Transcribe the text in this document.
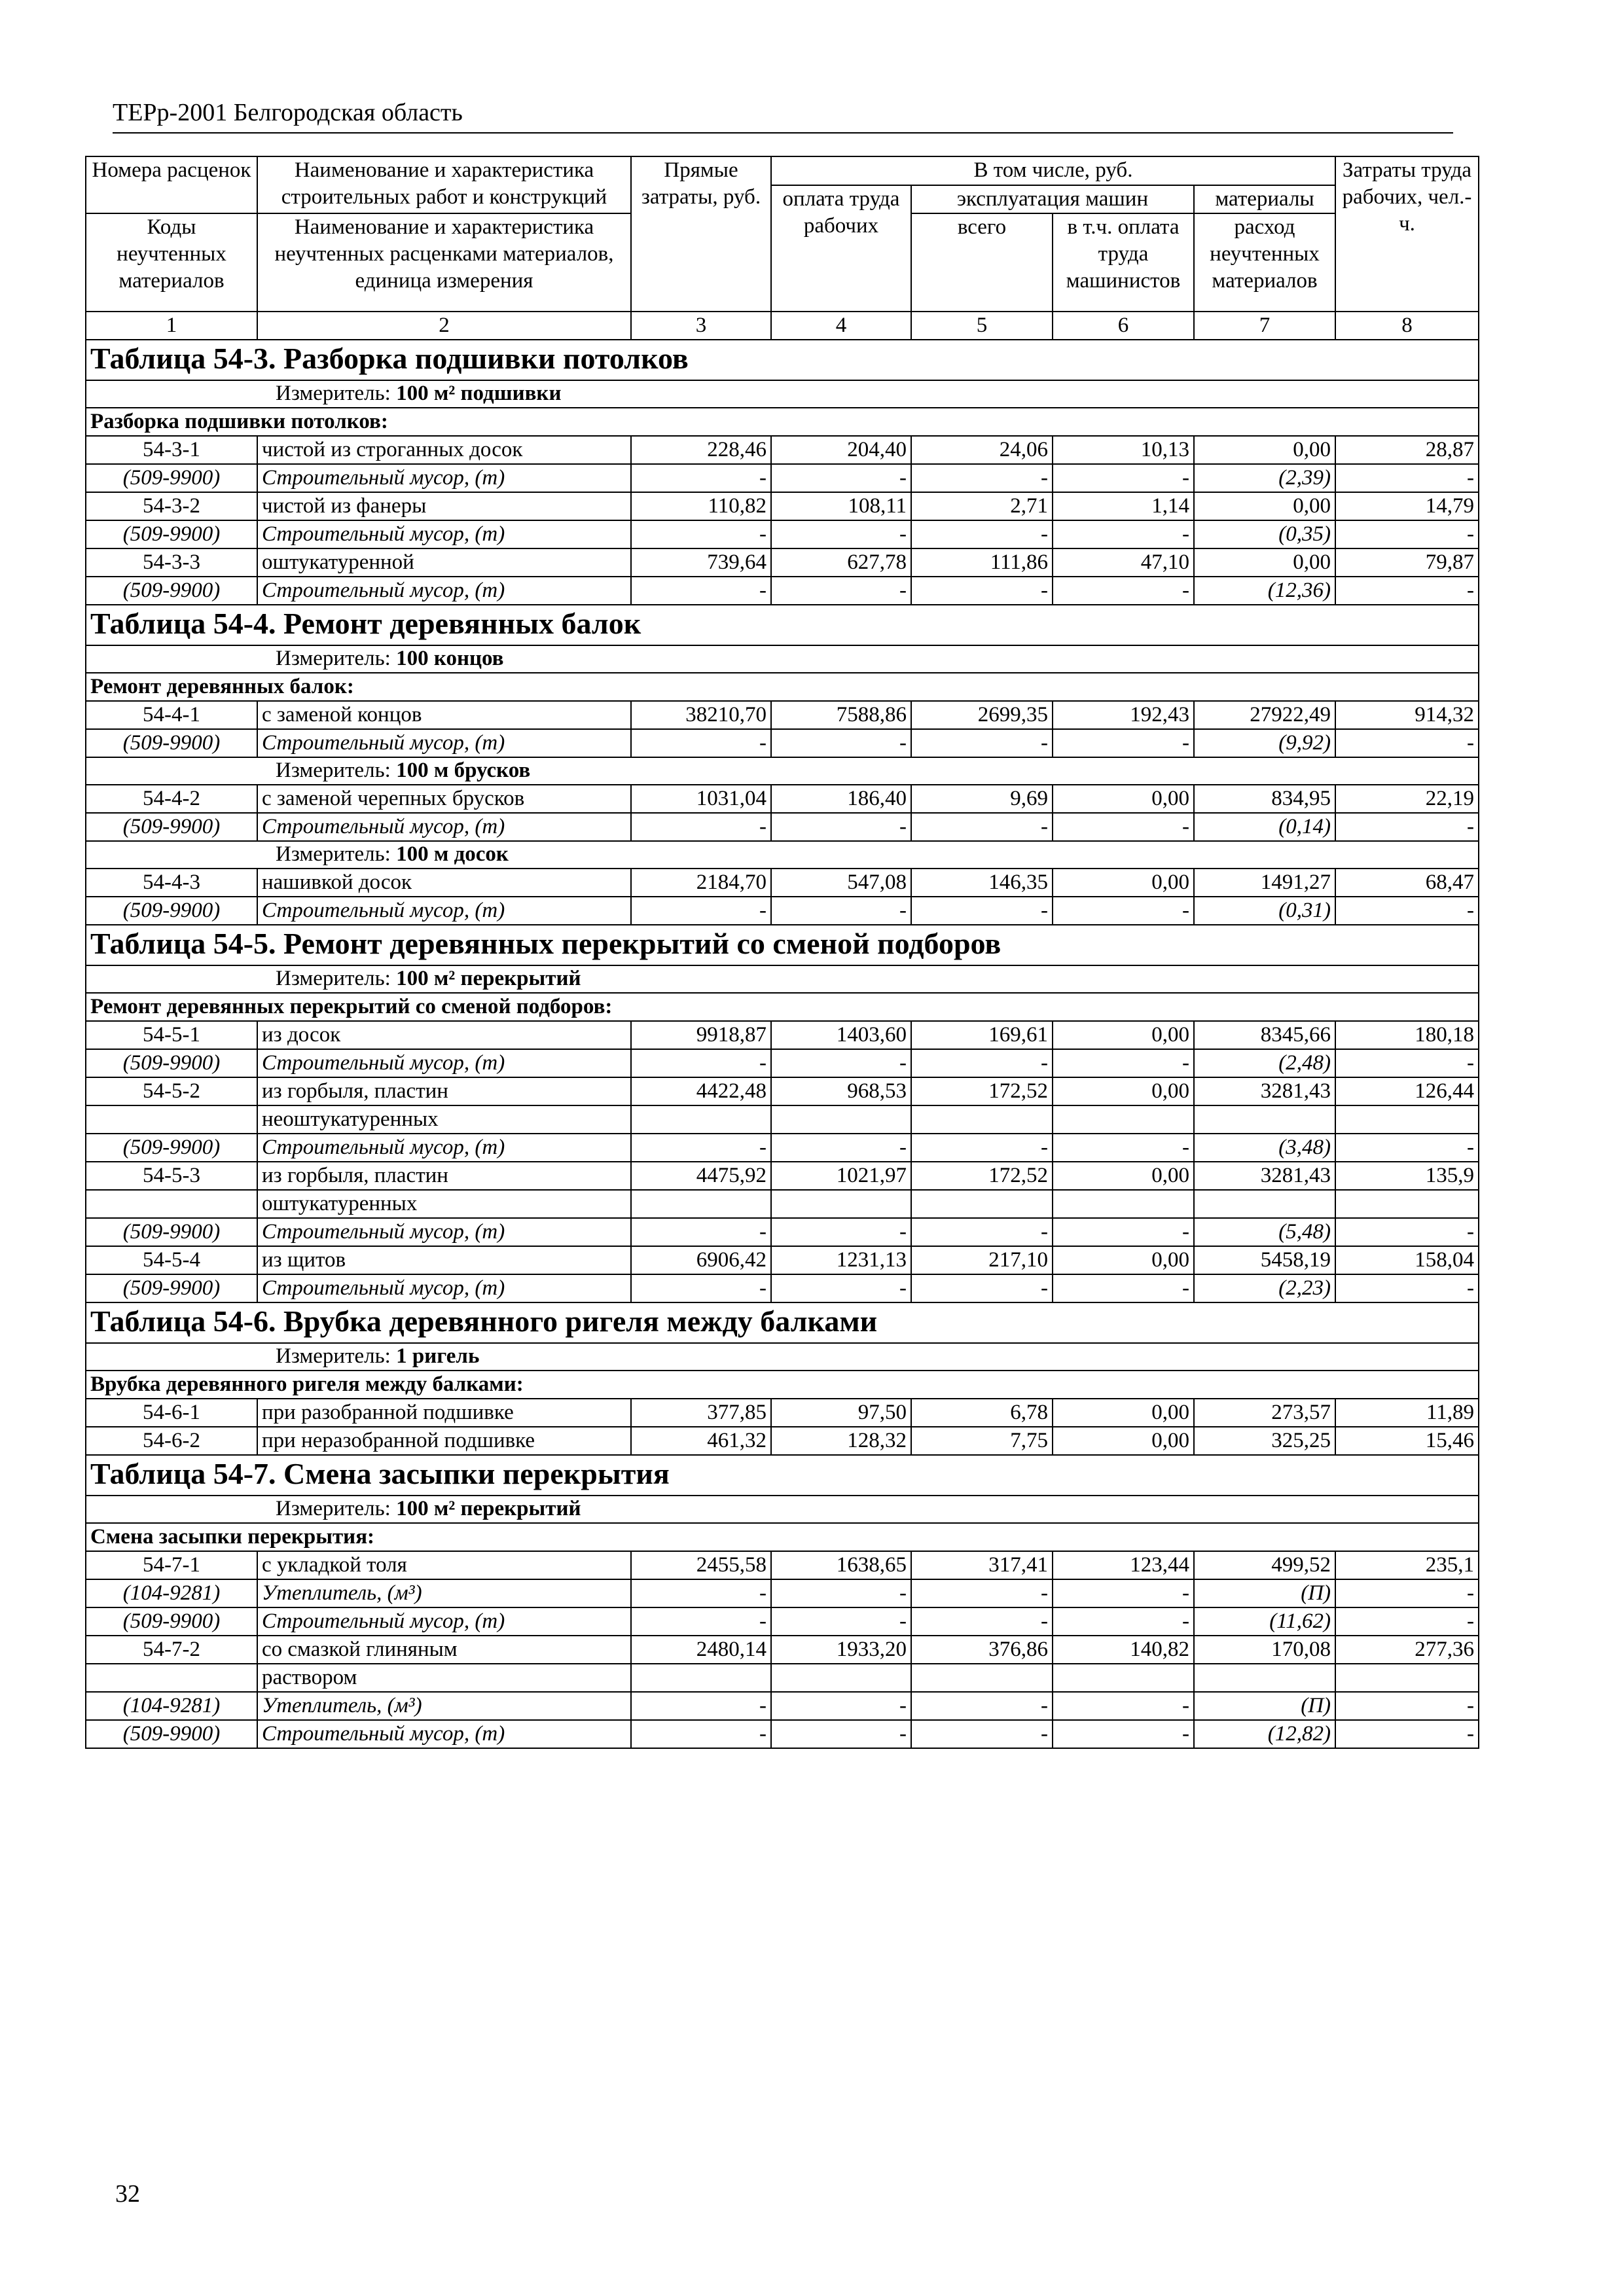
ТЕРр-2001 Белгородская область
Номера расценок	Наименование и характеристика строительных работ и конструкций	Прямые затраты, руб.	В том числе, руб.				Затраты труда рабочих, чел.-ч.
			оплата труда рабочих	эксплуатация машин		материалы	
Коды неучтенных материалов	Наименование и характеристика неучтенных расценками материалов, единица измерения			всего	в т.ч. оплата труда машинистов	расход неучтенных материалов	
1	2	3	4	5	6	7	8
Таблица 54-3. Разборка подшивки потолков							

Измеритель: 100 м² подшивки							

Разборка подшивки потолков:							
54-3-1	чистой из строганных досок	228,46	204,40	24,06	10,13	0,00	28,87
(509-9900)	Строительный мусор, (т)	-	-	-	-	(2,39)	-
54-3-2	чистой из фанеры	110,82	108,11	2,71	1,14	0,00	14,79
(509-9900)	Строительный мусор, (т)	-	-	-	-	(0,35)	-
54-3-3	оштукатуренной	739,64	627,78	111,86	47,10	0,00	79,87
(509-9900)	Строительный мусор, (т)	-	-	-	-	(12,36)	-
Таблица 54-4. Ремонт деревянных балок							

Измеритель: 100 концов							

Ремонт деревянных балок:							
54-4-1	с заменой концов	38210,70	7588,86	2699,35	192,43	27922,49	914,32
(509-9900)	Строительный мусор, (т)	-	-	-	-	(9,92)	-

Измеритель: 100 м брусков							

54-4-2	с заменой черепных брусков	1031,04	186,40	9,69	0,00	834,95	22,19
(509-9900)	Строительный мусор, (т)	-	-	-	-	(0,14)	-

Измеритель: 100 м досок							

54-4-3	нашивкой досок	2184,70	547,08	146,35	0,00	1491,27	68,47
(509-9900)	Строительный мусор, (т)	-	-	-	-	(0,31)	-
Таблица 54-5. Ремонт деревянных перекрытий со сменой подборов							

Измеритель: 100 м² перекрытий							

Ремонт деревянных перекрытий со сменой подборов:							
54-5-1	из досок	9918,87	1403,60	169,61	0,00	8345,66	180,18
(509-9900)	Строительный мусор, (т)	-	-	-	-	(2,48)	-
54-5-2	из горбыля, пластин	4422,48	968,53	172,52	0,00	3281,43	126,44
	неоштукатуренных						
(509-9900)	Строительный мусор, (т)	-	-	-	-	(3,48)	-
54-5-3	из горбыля, пластин	4475,92	1021,97	172,52	0,00	3281,43	135,9
	оштукатуренных						
(509-9900)	Строительный мусор, (т)	-	-	-	-	(5,48)	-
54-5-4	из щитов	6906,42	1231,13	217,10	0,00	5458,19	158,04
(509-9900)	Строительный мусор, (т)	-	-	-	-	(2,23)	-
Таблица 54-6. Врубка деревянного ригеля между балками							

Измеритель: 1 ригель							

Врубка деревянного ригеля между балками:							
54-6-1	при разобранной подшивке	377,85	97,50	6,78	0,00	273,57	11,89
54-6-2	при неразобранной подшивке	461,32	128,32	7,75	0,00	325,25	15,46
Таблица 54-7. Смена засыпки перекрытия							

Измеритель: 100 м² перекрытий							

Смена засыпки перекрытия:							
54-7-1	с укладкой толя	2455,58	1638,65	317,41	123,44	499,52	235,1
(104-9281)	Утеплитель, (м³)	-	-	-	-	(П)	-
(509-9900)	Строительный мусор, (т)	-	-	-	-	(11,62)	-
54-7-2	со смазкой глиняным	2480,14	1933,20	376,86	140,82	170,08	277,36
	раствором						
(104-9281)	Утеплитель, (м³)	-	-	-	-	(П)	-
(509-9900)	Строительный мусор, (т)	-	-	-	-	(12,82)	-
32
